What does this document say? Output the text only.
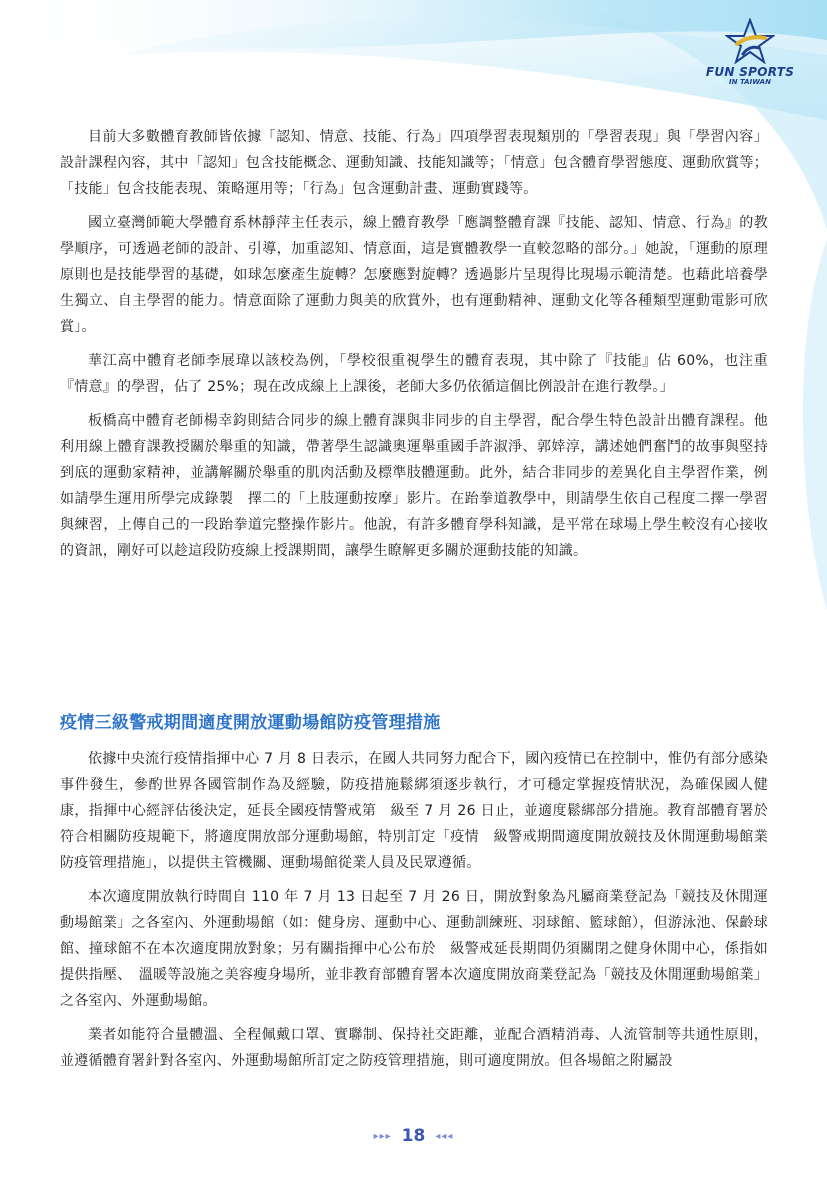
FUN SPORTS
IN TAIWAN

目前大多數體育教師皆依據「認知、情意、技能、行為」四項學習表現類別的「學習表現」與「學習內容」設計課程內容，其中「認知」包含技能概念、運動知識、技能知識等；「情意」包含體育學習態度、運動欣賞等；「技能」包含技能表現、策略運用等；「行為」包含運動計畫、運動實踐等。

國立臺灣師範大學體育系林靜萍主任表示，線上體育教學「應調整體育課『技能、認知、情意、行為』的教學順序，可透過老師的設計、引導，加重認知、情意面，這是實體教學一直較忽略的部分。」她說，「運動的原理原則也是技能學習的基礎，如球怎麼產生旋轉？怎麼應對旋轉？透過影片呈現得比現場示範清楚。也藉此培養學生獨立、自主學習的能力。情意面除了運動力與美的欣賞外，也有運動精神、運動文化等各種類型運動電影可欣賞」。

華江高中體育老師李展瑋以該校為例，「學校很重視學生的體育表現，其中除了『技能』佔 60%，也注重『情意』的學習，佔了 25%；現在改成線上上課後，老師大多仍依循這個比例設計在進行教學。」

板橋高中體育老師楊幸鈞則結合同步的線上體育課與非同步的自主學習，配合學生特色設計出體育課程。他利用線上體育課教授關於舉重的知識，帶著學生認識奧運舉重國手許淑淨、郭婞淳，講述她們奮鬥的故事與堅持到底的運動家精神，並講解關於舉重的肌肉活動及標準肢體運動。此外，結合非同步的差異化自主學習作業，例如請學生運用所學完成錄製　擇二的「上肢運動按摩」影片。在跆拳道教學中，則請學生依自己程度二擇一學習與練習，上傳自己的一段跆拳道完整操作影片。他說，有許多體育學科知識，是平常在球場上學生較沒有心接收的資訊，剛好可以趁這段防疫線上授課期間，讓學生瞭解更多關於運動技能的知識。

疫情三級警戒期間適度開放運動場館防疫管理措施

依據中央流行疫情指揮中心 7 月 8 日表示，在國人共同努力配合下，國內疫情已在控制中，惟仍有部分感染事件發生，參酌世界各國管制作為及經驗，防疫措施鬆綁須逐步執行，才可穩定掌握疫情狀況，為確保國人健康，指揮中心經評估後決定，延長全國疫情警戒第　級至 7 月 26 日止，並適度鬆綁部分措施。教育部體育署於符合相關防疫規範下，將適度開放部分運動場館，特別訂定「疫情　級警戒期間適度開放競技及休閒運動場館業防疫管理措施」，以提供主管機關、運動場館從業人員及民眾遵循。

本次適度開放執行時間自 110 年 7 月 13 日起至 7 月 26 日，開放對象為凡屬商業登記為「競技及休閒運動場館業」之各室內、外運動場館（如：健身房、運動中心、運動訓練班、羽球館、籃球館），但游泳池、保齡球館、撞球館不在本次適度開放對象；另有關指揮中心公布於　級警戒延長期間仍須關閉之健身休閒中心，係指如提供指壓、　溫暖等設施之美容瘦身場所，並非教育部體育署本次適度開放商業登記為「競技及休閒運動場館業」之各室內、外運動場館。

業者如能符合量體溫、全程佩戴口罩、實聯制、保持社交距離，並配合酒精消毒、人流管制等共通性原則，並遵循體育署針對各室內、外運動場館所訂定之防疫管理措施，則可適度開放。但各場館之附屬設

▸▸▸ 18 ◂◂◂
